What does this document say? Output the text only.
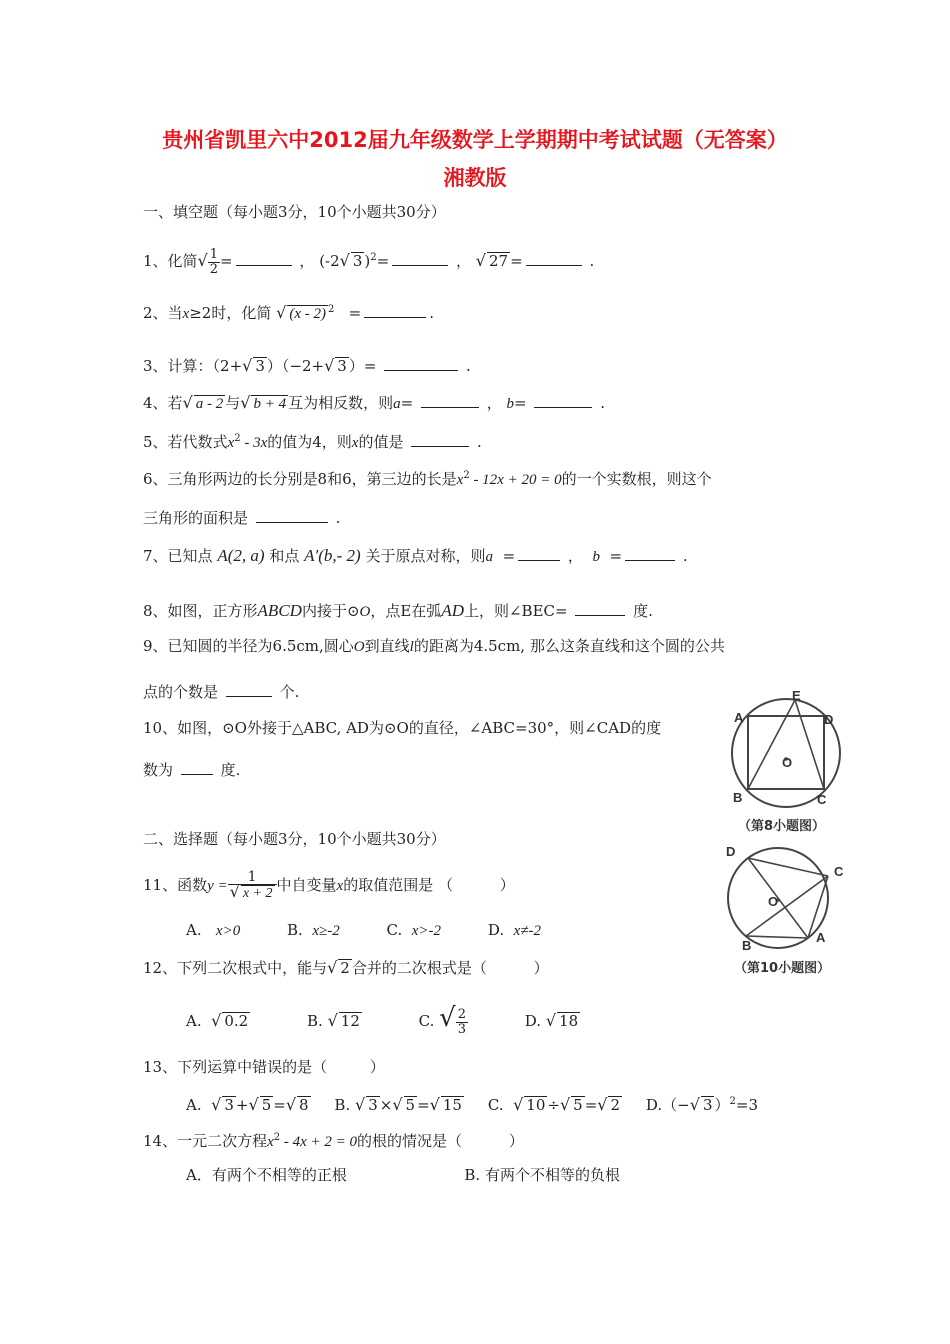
贵州省凯里六中2012届九年级数学上学期期中考试试题（无答案）
湘教版
一、填空题（每小题3分，10个小题共30分）
1、化简√ $\frac{1}{2}$ =	， (-2√ 3 )$^2$=	， √ 27 =	.
2、当x≥2时，化简 √ (x - 2) $^2$ =	.
3、计算：（2+√ 3 ）（−2+√ 3 ）=	.
4、若√ a - 2 与√ b + 4 互为相反数，则a=	， b=	.
5、若代数式$x^2 - 3x$的值为4，则x的值是	.
6、三角形两边的长分别是8和6，第三边的长是$x^2 - 12x + 20 = 0$的一个实数根，则这个
三角形的面积是	.
7、已知点 A(2, a) 和点 A′(b,- 2) 关于原点对称，则a =	， b =	.
8、如图，正方形ABCD内接于⊙O，点E在弧AD上，则∠BEC=	度.
9、已知圆的半径为6.5cm,圆心O到直线l的距离为4.5cm, 那么这条直线和这个圆的公共
点的个数是	个.
10、如图，⊙O外接于△ABC, AD为⊙O的直径，∠ABC=30°，则∠CAD的度
数为	度.
二、选择题（每小题3分，10个小题共30分）
11、函数$y = \frac{1}{√ x + 2}$ 中自变量x的取值范围是 （	）
A. x>0	B. x≥-2	C. x>-2	D. x≠-2
12、下列二次根式中，能与√ 2 合并的二次根式是（	）
A. √ 0.2	B. √ 12	C. √ $\frac{2}{3}$	D. √ 18
13、下列运算中错误的是（	）
A. √ 3 +√ 5 =√ 8 B. √ 3 ×√ 5 =√ 15 C. √ 10 ÷√ 5 =√ 2 D.（−√ 3 ）$^2$=3
14、一元二次方程$x^2 - 4x + 2 = 0$的根的情况是（	）
A．有两个不相等的正根	B. 有两个不相等的负根
E
A	D
B	C
O
（第8小题图）
D
C
O
B
A
（第10小题图）
